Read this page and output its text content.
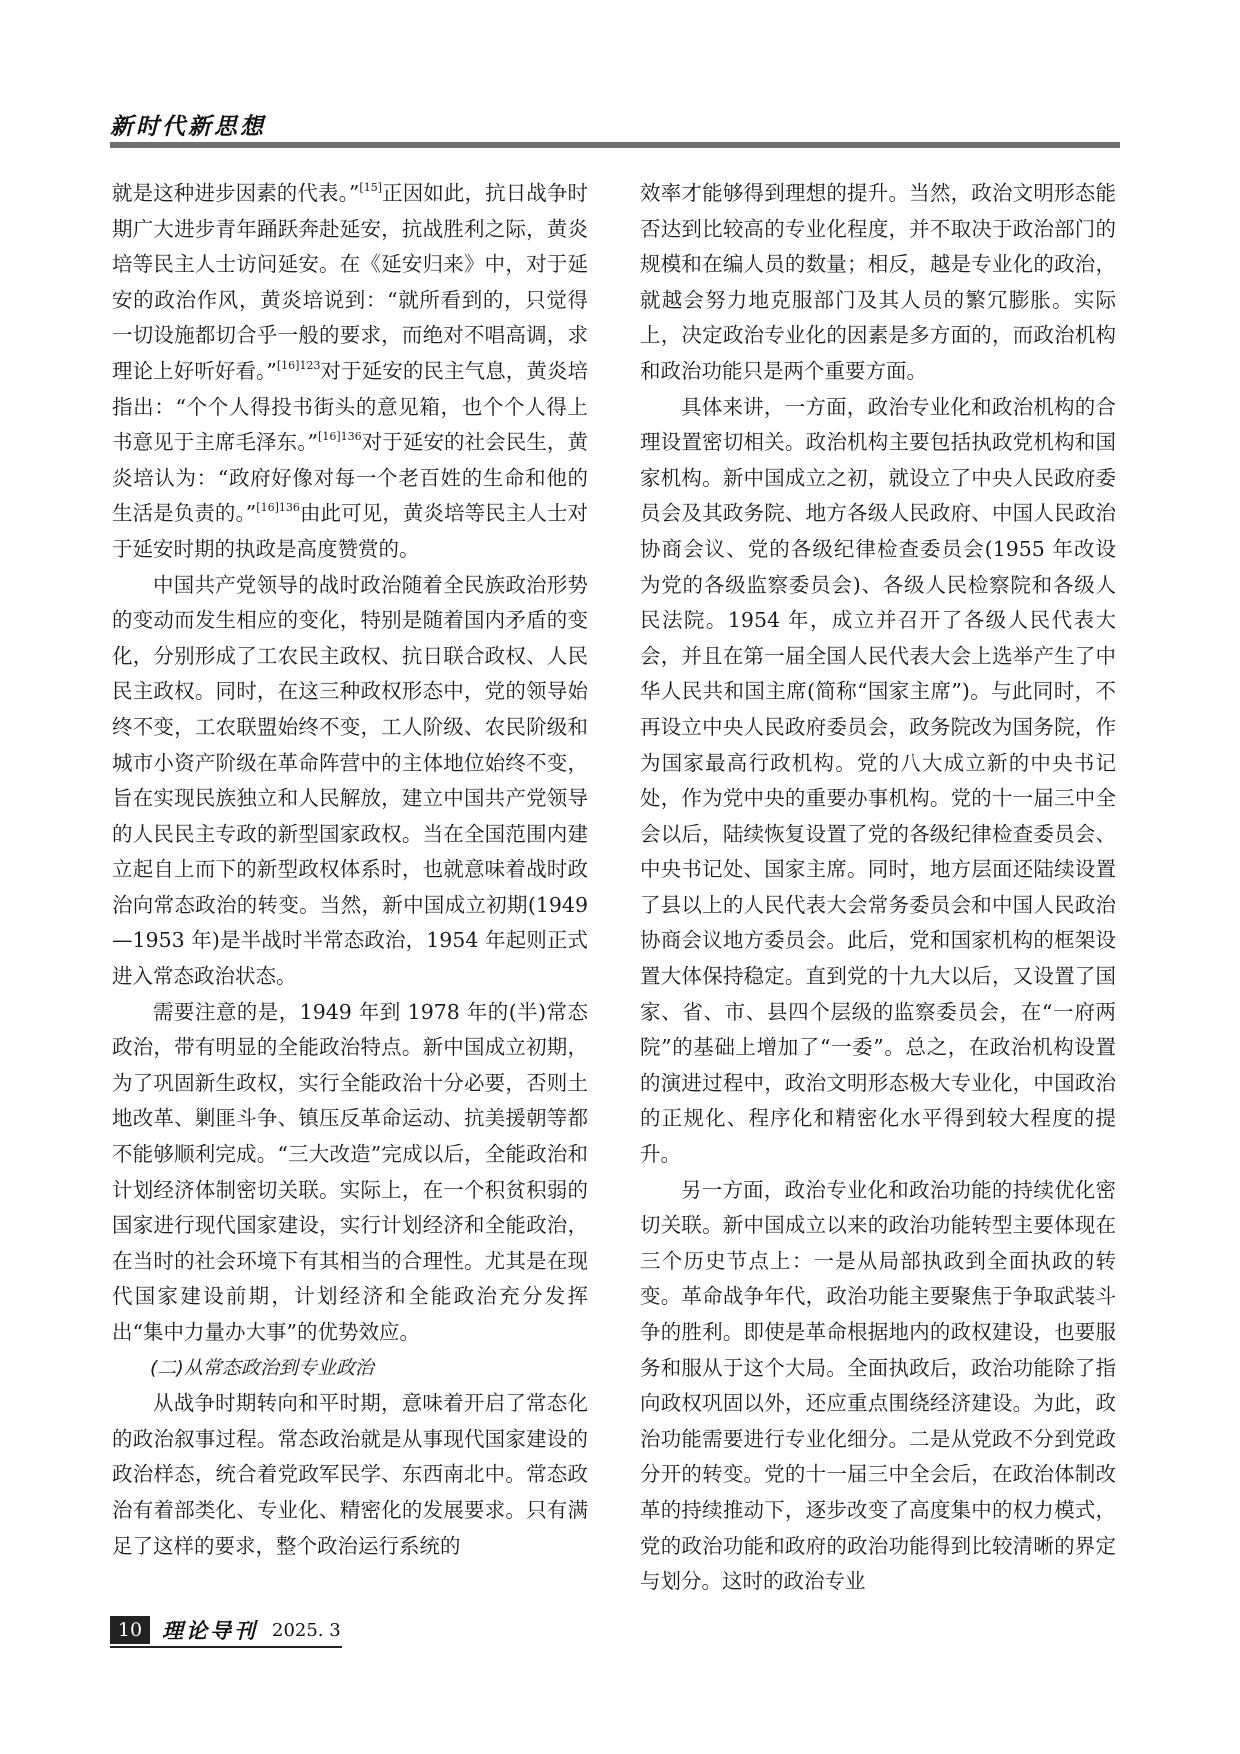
新时代新思想

就是这种进步因素的代表。”[15]正因如此，抗日战争时期广大进步青年踊跃奔赴延安，抗战胜利之际，黄炎培等民主人士访问延安。在《延安归来》中，对于延安的政治作风，黄炎培说到：“就所看到的，只觉得一切设施都切合乎一般的要求，而绝对不唱高调，求理论上好听好看。”$^{[16]123}$对于延安的民主气息，黄炎培指出：“个个人得投书街头的意见箱，也个个人得上书意见于主席毛泽东。”$^{[16]136}$对于延安的社会民生，黄炎培认为：“政府好像对每一个老百姓的生命和他的生活是负责的。”$^{[16]136}$由此可见，黄炎培等民主人士对于延安时期的执政是高度赞赏的。

中国共产党领导的战时政治随着全民族政治形势的变动而发生相应的变化，特别是随着国内矛盾的变化，分别形成了工农民主政权、抗日联合政权、人民民主政权。同时，在这三种政权形态中，党的领导始终不变，工农联盟始终不变，工人阶级、农民阶级和城市小资产阶级在革命阵营中的主体地位始终不变，旨在实现民族独立和人民解放，建立中国共产党领导的人民民主专政的新型国家政权。当在全国范围内建立起自上而下的新型政权体系时，也就意味着战时政治向常态政治的转变。当然，新中国成立初期(1949—1953 年)是半战时半常态政治，1954 年起则正式进入常态政治状态。

需要注意的是，1949 年到 1978 年的(半)常态政治，带有明显的全能政治特点。新中国成立初期，为了巩固新生政权，实行全能政治十分必要，否则土地改革、剿匪斗争、镇压反革命运动、抗美援朝等都不能够顺利完成。“三大改造”完成以后，全能政治和计划经济体制密切关联。实际上，在一个积贫积弱的国家进行现代国家建设，实行计划经济和全能政治，在当时的社会环境下有其相当的合理性。尤其是在现代国家建设前期，计划经济和全能政治充分发挥出“集中力量办大事”的优势效应。

(二)从常态政治到专业政治

从战争时期转向和平时期，意味着开启了常态化的政治叙事过程。常态政治就是从事现代国家建设的政治样态，统合着党政军民学、东西南北中。常态政治有着部类化、专业化、精密化的发展要求。只有满足了这样的要求，整个政治运行系统的

效率才能够得到理想的提升。当然，政治文明形态能否达到比较高的专业化程度，并不取决于政治部门的规模和在编人员的数量；相反，越是专业化的政治，就越会努力地克服部门及其人员的繁冗膨胀。实际上，决定政治专业化的因素是多方面的，而政治机构和政治功能只是两个重要方面。

具体来讲，一方面，政治专业化和政治机构的合理设置密切相关。政治机构主要包括执政党机构和国家机构。新中国成立之初，就设立了中央人民政府委员会及其政务院、地方各级人民政府、中国人民政治协商会议、党的各级纪律检查委员会(1955 年改设为党的各级监察委员会)、各级人民检察院和各级人民法院。1954 年，成立并召开了各级人民代表大会，并且在第一届全国人民代表大会上选举产生了中华人民共和国主席(简称“国家主席”)。与此同时，不再设立中央人民政府委员会，政务院改为国务院，作为国家最高行政机构。党的八大成立新的中央书记处，作为党中央的重要办事机构。党的十一届三中全会以后，陆续恢复设置了党的各级纪律检查委员会、中央书记处、国家主席。同时，地方层面还陆续设置了县以上的人民代表大会常务委员会和中国人民政治协商会议地方委员会。此后，党和国家机构的框架设置大体保持稳定。直到党的十九大以后，又设置了国家、省、市、县四个层级的监察委员会，在“一府两院”的基础上增加了“一委”。总之，在政治机构设置的演进过程中，政治文明形态极大专业化，中国政治的正规化、程序化和精密化水平得到较大程度的提升。

另一方面，政治专业化和政治功能的持续优化密切关联。新中国成立以来的政治功能转型主要体现在三个历史节点上：一是从局部执政到全面执政的转变。革命战争年代，政治功能主要聚焦于争取武装斗争的胜利。即使是革命根据地内的政权建设，也要服务和服从于这个大局。全面执政后，政治功能除了指向政权巩固以外，还应重点围绕经济建设。为此，政治功能需要进行专业化细分。二是从党政不分到党政分开的转变。党的十一届三中全会后，在政治体制改革的持续推动下，逐步改变了高度集中的权力模式，党的政治功能和政府的政治功能得到比较清晰的界定与划分。这时的政治专业

10 理论导刊 2025. 3
